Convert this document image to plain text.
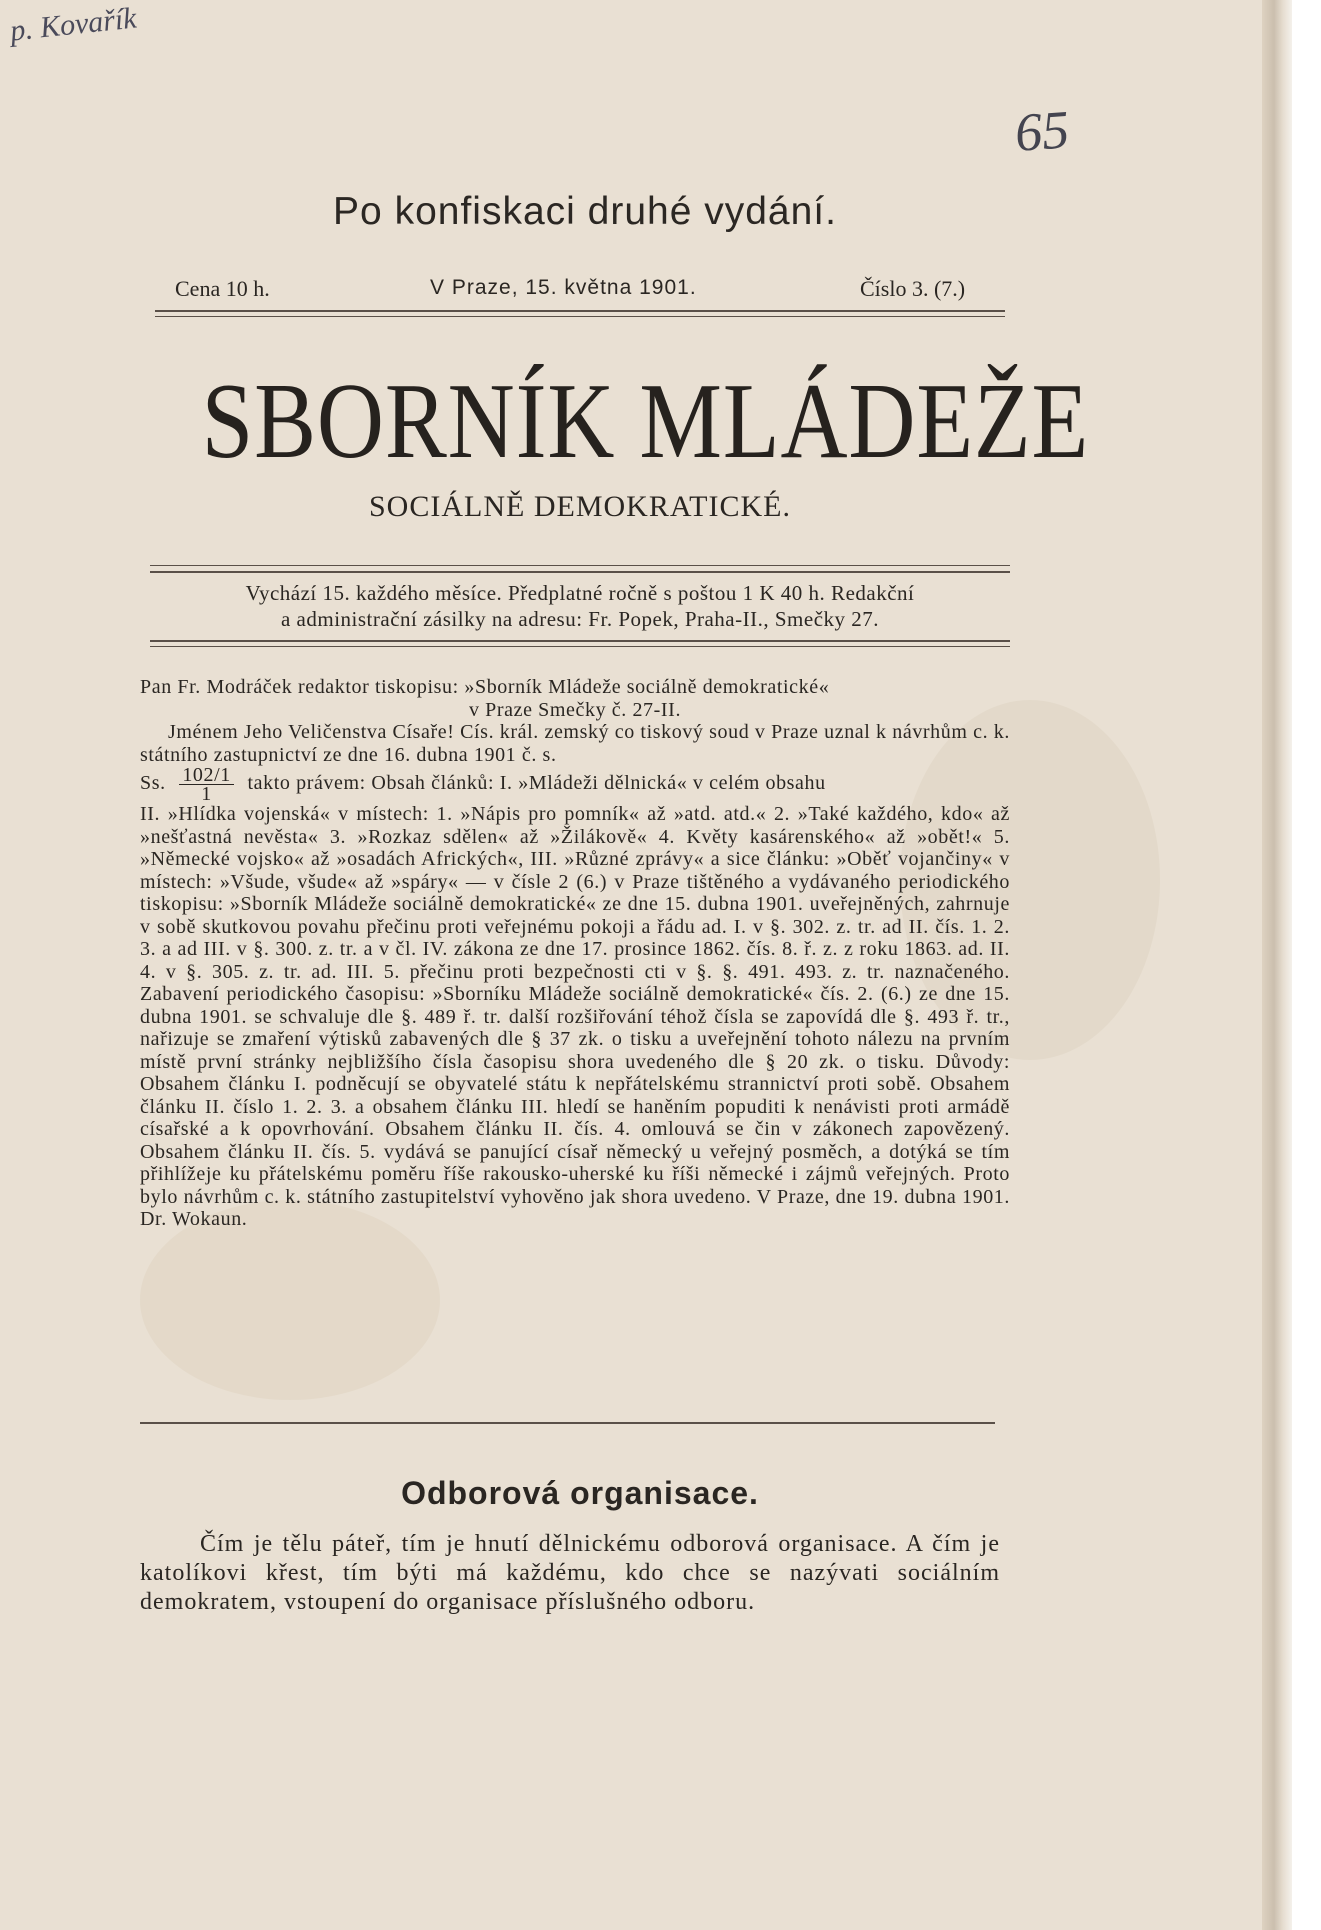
p. Kovařík
65
Po konfiskaci druhé vydání.
Cena 10 h.	V Praze, 15. května 1901.	Číslo 3. (7.)
SBORNÍK MLÁDEŽE
SOCIÁLNĚ DEMOKRATICKÉ.
Vychází 15. každého měsíce. Předplatné ročně s poštou 1 K 40 h. Redakční
a administrační zásilky na adresu: Fr. Popek, Praha-II., Smečky 27.

Pan Fr. Modráček redaktor tiskopisu: »Sborník Mládeže sociálně demokratické«

v Praze Smečky č. 27-II.

Jménem Jeho Veličenstva Císaře! Cís. král. zemský co tiskový soud v Praze uznal k návrhům c. k. státního zastupnictví ze dne 16. dubna 1901 č. s.

Ss. $\frac{102/1}{1}$ takto právem: Obsah článků: I. »Mládeži dělnická« v celém obsahu

II. »Hlídka vojenská« v místech: 1. »Nápis pro pomník« až »atd. atd.« 2. »Také každého, kdo« až »nešťastná nevěsta« 3. »Rozkaz sdělen« až »Žilákově« 4. Květy kasárenského« až »obět!« 5. »Německé vojsko« až »osadách Afrických«, III. »Různé zprávy« a sice článku: »Oběť vojančiny« v místech: »Všude, všude« až »spáry« — v čísle 2 (6.) v Praze tištěného a vydávaného periodického tiskopisu: »Sborník Mládeže sociálně demokratické« ze dne 15. dubna 1901. uveřejněných, zahrnuje v sobě skutkovou povahu přečinu proti veřejnému pokoji a řádu ad. I. v §. 302. z. tr. ad II. čís. 1. 2. 3. a ad III. v §. 300. z. tr. a v čl. IV. zákona ze dne 17. prosince 1862. čís. 8. ř. z. z roku 1863. ad. II. 4. v §. 305. z. tr. ad. III. 5. přečinu proti bezpečnosti cti v §. §. 491. 493. z. tr. naznačeného. Zabavení periodického časopisu: »Sborníku Mládeže sociálně demokratické« čís. 2. (6.) ze dne 15. dubna 1901. se schvaluje dle §. 489 ř. tr. další rozšiřování téhož čísla se zapovídá dle §. 493 ř. tr., nařizuje se zmaření výtisků zabavených dle § 37 zk. o tisku a uveřejnění tohoto nálezu na prvním místě první stránky nejbližšího čísla časopisu shora uvedeného dle § 20 zk. o tisku. Důvody: Obsahem článku I. podněcují se obyvatelé státu k nepřátelskému strannictví proti sobě. Obsahem článku II. číslo 1. 2. 3. a obsahem článku III. hledí se haněním popuditi k nenávisti proti armádě císařské a k opovrhování. Obsahem článku II. čís. 4. omlouvá se čin v zákonech zapovězený. Obsahem článku II. čís. 5. vydává se panující císař německý u veřejný posměch, a dotýká se tím přihlížeje ku přátelskému poměru říše rakousko-uherské ku říši německé i zájmů veřejných. Proto bylo návrhům c. k. státního zastupitelství vyhověno jak shora uvedeno. V Praze, dne 19. dubna 1901. Dr. Wokaun.

Odborová organisace.

Čím je tělu páteř, tím je hnutí dělnickému odborová organisace. A čím je katolíkovi křest, tím býti má každému, kdo chce se nazývati sociálním demokratem, vstoupení do organisace příslušného odboru.
